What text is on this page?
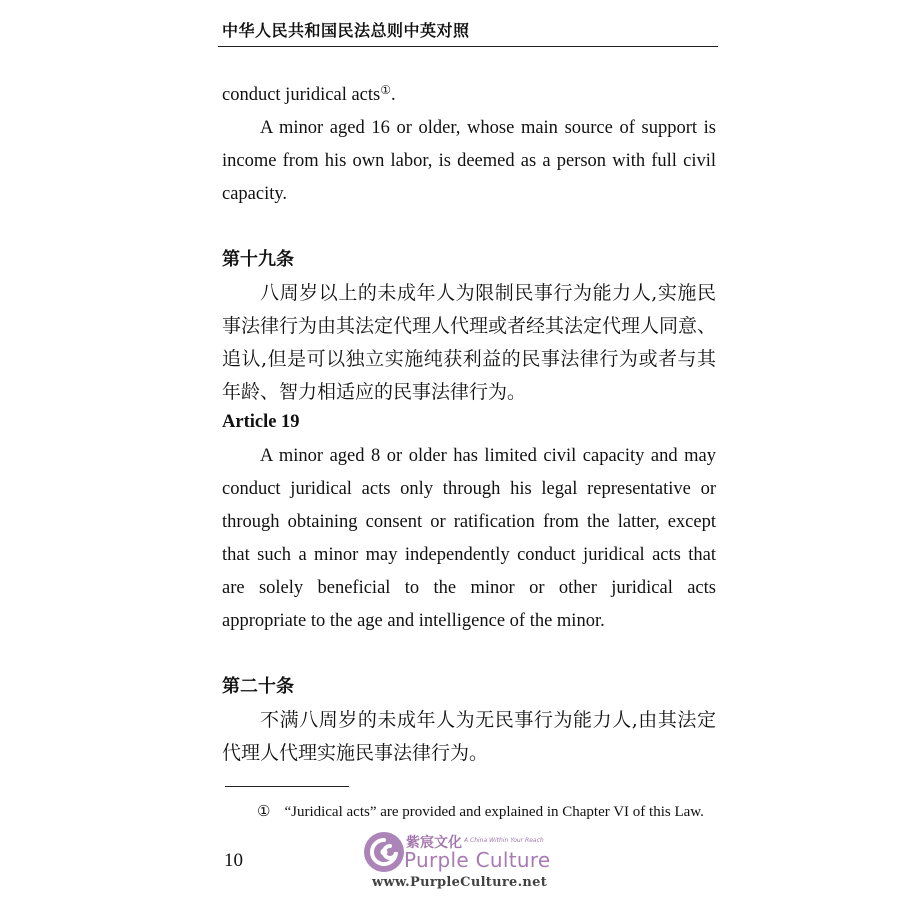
中华人民共和国民法总则中英对照
conduct juridical acts①.
A minor aged 16 or older, whose main source of support is income from his own labor, is deemed as a person with full civil capacity.
第十九条
八周岁以上的未成年人为限制民事行为能力人,实施民事法律行为由其法定代理人代理或者经其法定代理人同意、追认,但是可以独立实施纯获利益的民事法律行为或者与其年龄、智力相适应的民事法律行为。
Article 19
A minor aged 8 or older has limited civil capacity and may conduct juridical acts only through his legal representative or through obtaining consent or ratification from the latter, except that such a minor may independently conduct juridical acts that are solely beneficial to the minor or other juridical acts appropriate to the age and intelligence of the minor.
第二十条
不满八周岁的未成年人为无民事行为能力人,由其法定代理人代理实施民事法律行为。
① “Juridical acts” are provided and explained in Chapter VI of this Law.
10
紫宸文化 A China Within Your Reach
Purple Culture
www.PurpleCulture.net
